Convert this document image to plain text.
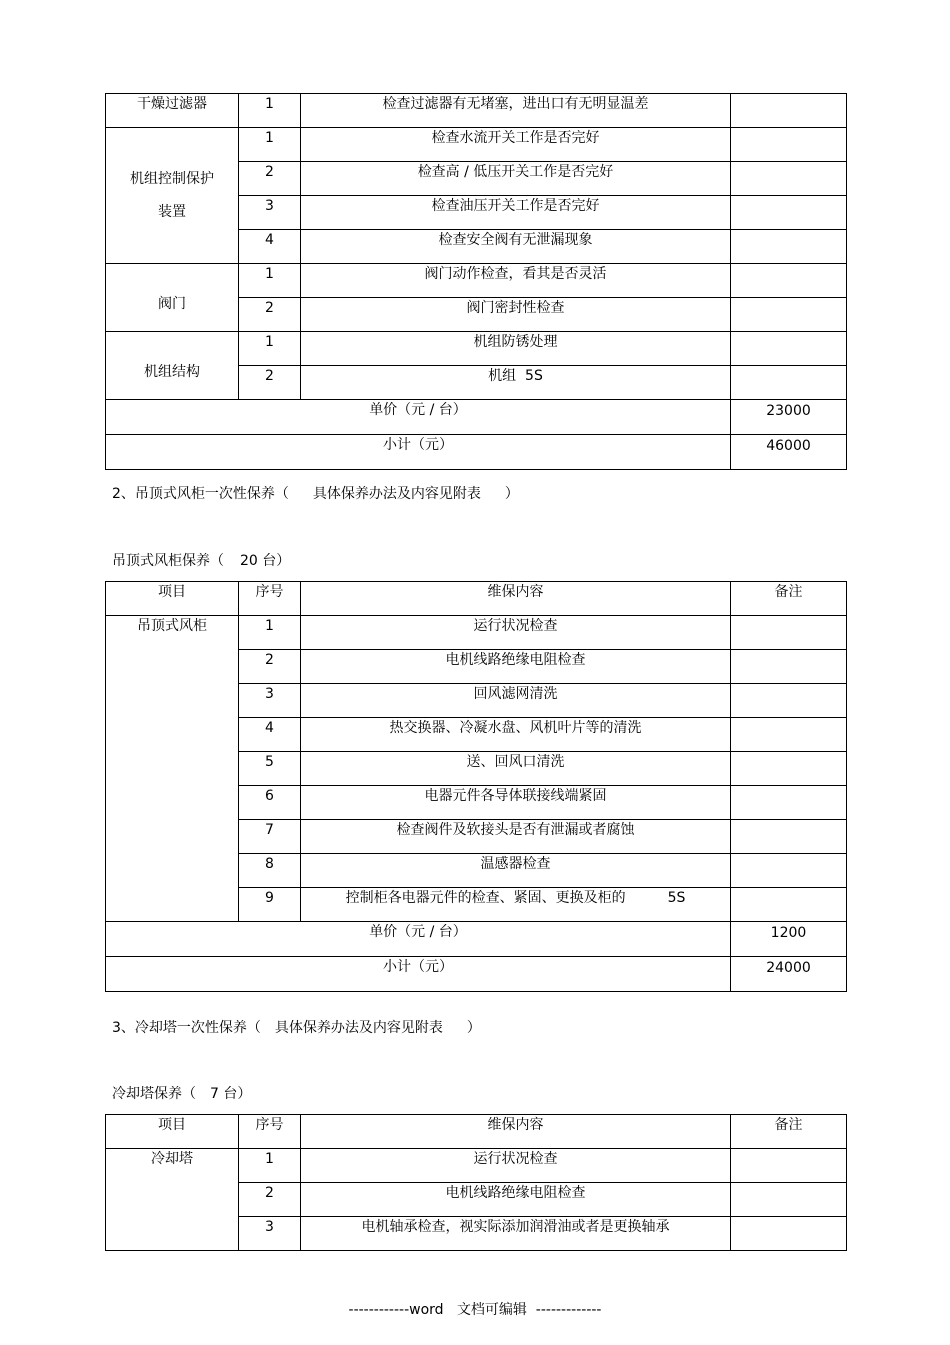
干燥过滤器	1	检查过滤器有无堵塞，进出口有无明显温差	

机组控制保护
装置	1	检查水流开关工作是否完好	
	2	检查高 / 低压开关工作是否完好	
	3	检查油压开关工作是否完好	
	4	检查安全阀有无泄漏现象	
阀门	1	阀门动作检查，看其是否灵活	
	2	阀门密封性检查	
机组结构	1	机组防锈处理	
	2	机组  5S	
单价（元 / 台）			23000
小计（元）			46000
2、吊顶式风柜一次性保养（ 具体保养办法及内容见附表 ）
吊顶式风柜保养（ 20 台）
项目	序号	维保内容	备注
吊顶式风柜	1	运行状况检查	
	2	电机线路绝缘电阻检查	
	3	回风滤网清洗	
	4	热交换器、冷凝水盘、风机叶片等的清洗	
	5	送、回风口清洗	
	6	电器元件各导体联接线端紧固	
	7	检查阀件及软接头是否有泄漏或者腐蚀	
	8	温感器检查	
	9	控制柜各电器元件的检查、紧固、更换及柜的 5S	
单价（元 / 台）			1200
小计（元）			24000
3、冷却塔一次性保养（ 具体保养办法及内容见附表 ）
冷却塔保养（ 7 台）
项目	序号	维保内容	备注
冷却塔	1	运行状况检查	
	2	电机线路绝缘电阻检查	
	3	电机轴承检查，视实际添加润滑油或者是更换轴承	
------------word   文档可编辑  -------------
